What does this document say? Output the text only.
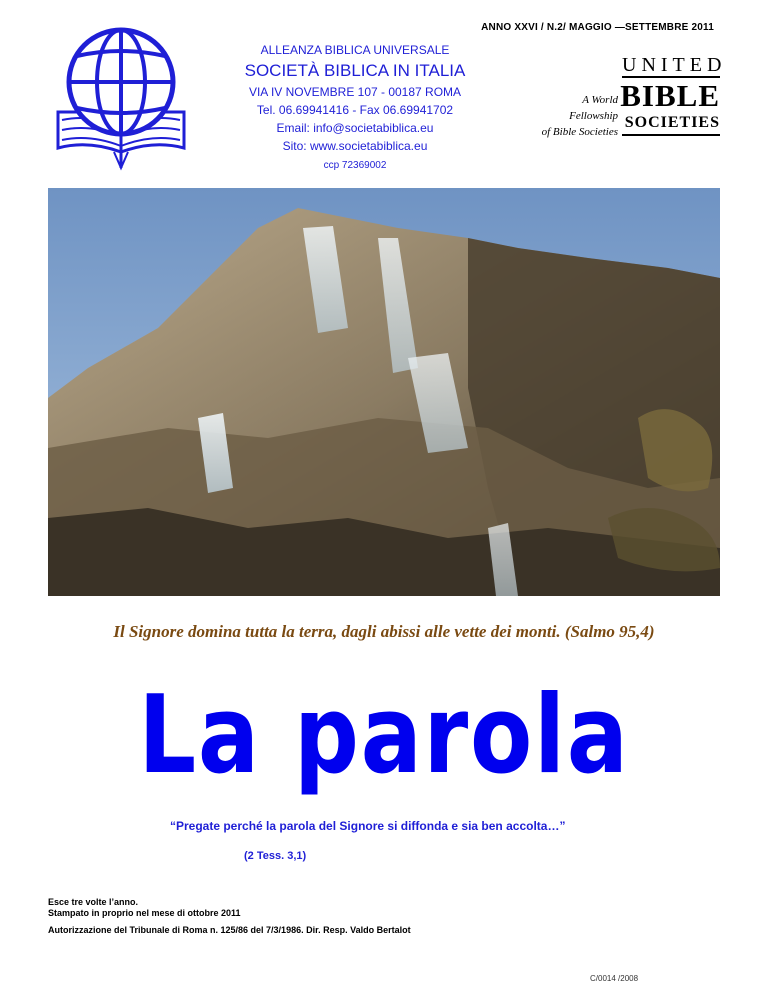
ANNO XXVI / N.2/ MAGGIO —SETTEMBRE 2011
ALLEANZA BIBLICA UNIVERSALE
SOCIETÀ BIBLICA IN ITALIA
VIA IV NOVEMBRE 107 - 00187 ROMA
Tel. 06.69941416 - Fax 06.69941702
Email: info@societabiblica.eu
Sito: www.societabiblica.eu
ccp 72369002
UNITED
A World
Fellowship
of Bible Societies
BIBLE
SOCIETIES
Il Signore domina tutta la terra, dagli abissi alle vette dei monti. (Salmo 95,4)
La parola
“Pregate perché la parola del Signore si diffonda e sia ben accolta…”
(2 Tess. 3,1)
Esce tre volte l’anno.
Stampato in proprio nel mese di ottobre 2011
Autorizzazione del Tribunale di Roma n. 125/86 del 7/3/1986. Dir. Resp. Valdo Bertalot
C/0014 /2008
